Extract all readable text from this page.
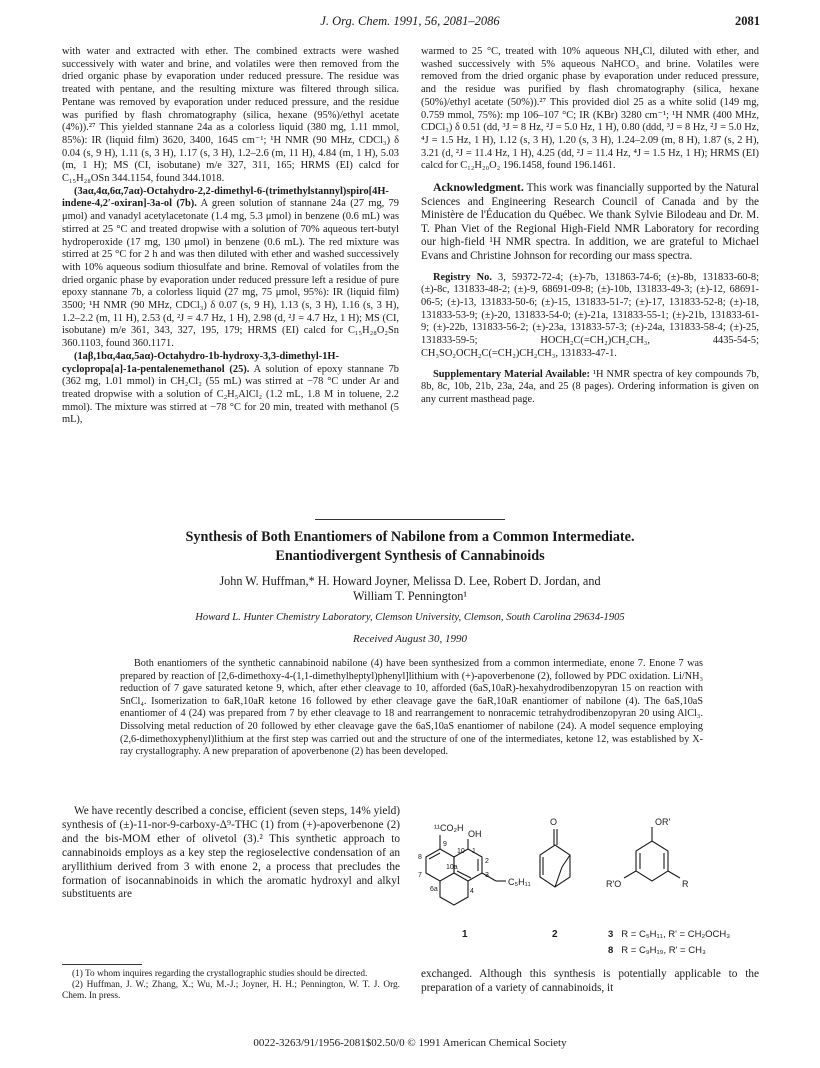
J. Org. Chem. 1991, 56, 2081–2086	2081

with water and extracted with ether. The combined extracts were washed successively with water and brine, and volatiles were then removed from the dried organic phase by evaporation under reduced pressure. The residue was treated with pentane, and the resulting mixture was filtered through silica. Pentane was removed by evaporation under reduced pressure, and the residue was purified by flash chromatography (silica, hexane (95%)/ethyl acetate (4%)).²⁷ This yielded stannane 24a as a colorless liquid (380 mg, 1.11 mmol, 85%): IR (liquid film) 3620, 3400, 1645 cm⁻¹; ¹H NMR (90 MHz, CDCl₃) δ 0.04 (s, 9 H), 1.11 (s, 3 H), 1.17 (s, 3 H), 1.2–2.6 (m, 11 H), 4.84 (m, 1 H), 5.03 (m, 1 H); MS (CI, isobutane) m/e 327, 311, 165; HRMS (EI) calcd for C₁₅H₂₈OSn 344.1154, found 344.1018.

(3aα,4α,6α,7aα)-Octahydro-2,2-dimethyl-6-(trimethylstannyl)spiro[4H-indene-4,2′-oxiran]-3a-ol (7b). A green solution of stannane 24a (27 mg, 79 μmol) and vanadyl acetylacetonate (1.4 mg, 5.3 μmol) in benzene (0.6 mL) was stirred at 25 °C and treated dropwise with a solution of 70% aqueous tert-butyl hydroperoxide (17 mg, 130 μmol) in benzene (0.6 mL). The red mixture was stirred at 25 °C for 2 h and was then diluted with ether and washed successively with 10% aqueous sodium thiosulfate and brine. Removal of volatiles from the dried organic phase by evaporation under reduced pressure left a residue of pure epoxy stannane 7b, a colorless liquid (27 mg, 75 μmol, 95%): IR (liquid film) 3500; ¹H NMR (90 MHz, CDCl₃) δ 0.07 (s, 9 H), 1.13 (s, 3 H), 1.16 (s, 3 H), 1.2–2.2 (m, 11 H), 2.53 (d, ²J = 4.7 Hz, 1 H), 2.98 (d, ²J = 4.7 Hz, 1 H); MS (CI, isobutane) m/e 361, 343, 327, 195, 179; HRMS (EI) calcd for C₁₅H₂₈O₂Sn 360.1103, found 360.1171.

(1aβ,1bα,4aα,5aα)-Octahydro-1b-hydroxy-3,3-dimethyl-1H-cyclopropa[a]-1a-pentalenemethanol (25). A solution of epoxy stannane 7b (362 mg, 1.01 mmol) in CH₂Cl₂ (55 mL) was stirred at −78 °C under Ar and treated dropwise with a solution of C₂H₅AlCl₂ (1.2 mL, 1.8 M in toluene, 2.2 mmol). The mixture was stirred at −78 °C for 20 min, treated with methanol (5 mL),

warmed to 25 °C, treated with 10% aqueous NH₄Cl, diluted with ether, and washed successively with 5% aqueous NaHCO₃ and brine. Volatiles were removed from the dried organic phase by evaporation under reduced pressure, and the residue was purified by flash chromatography (silica, hexane (50%)/ethyl acetate (50%)).²⁷ This provided diol 25 as a white solid (149 mg, 0.759 mmol, 75%): mp 106–107 °C; IR (KBr) 3280 cm⁻¹; ¹H NMR (400 MHz, CDCl₃) δ 0.51 (dd, ³J = 8 Hz, ²J = 5.0 Hz, 1 H), 0.80 (ddd, ³J = 8 Hz, ²J = 5.0 Hz, ⁴J = 1.5 Hz, 1 H), 1.12 (s, 3 H), 1.20 (s, 3 H), 1.24–2.09 (m, 8 H), 1.87 (s, 2 H), 3.21 (d, ²J = 11.4 Hz, 1 H), 4.25 (dd, ²J = 11.4 Hz, ⁴J = 1.5 Hz, 1 H); HRMS (EI) calcd for C₁₂H₂₀O₂ 196.1458, found 196.1461.

Acknowledgment. This work was financially supported by the Natural Sciences and Engineering Research Council of Canada and by the Ministère de l'Éducation du Québec. We thank Sylvie Bilodeau and Dr. M. T. Phan Viet of the Regional High-Field NMR Laboratory for recording our high-field ¹H NMR spectra. In addition, we are grateful to Michael Evans and Christine Johnson for recording our mass spectra.

Registry No. 3, 59372-72-4; (±)-7b, 131863-74-6; (±)-8b, 131833-60-8; (±)-8c, 131833-48-2; (±)-9, 68691-09-8; (±)-10b, 131833-49-3; (±)-12, 68691-06-5; (±)-13, 131833-50-6; (±)-15, 131833-51-7; (±)-17, 131833-52-8; (±)-18, 131833-53-9; (±)-20, 131833-54-0; (±)-21a, 131833-55-1; (±)-21b, 131833-61-9; (±)-22b, 131833-56-2; (±)-23a, 131833-57-3; (±)-24a, 131833-58-4; (±)-25, 131833-59-5; HOCH₂C(=CH₂)CH₂CH₃, 4435-54-5; CH₃SO₂OCH₂C(=CH₂)CH₂CH₃, 131833-47-1.

Supplementary Material Available: ¹H NMR spectra of key compounds 7b, 8b, 8c, 10b, 21b, 23a, 24a, and 25 (8 pages). Ordering information is given on any current masthead page.

Synthesis of Both Enantiomers of Nabilone from a Common Intermediate.
Enantiodivergent Synthesis of Cannabinoids
John W. Huffman,* H. Howard Joyner, Melissa D. Lee, Robert D. Jordan, and
William T. Pennington¹
Howard L. Hunter Chemistry Laboratory, Clemson University, Clemson, South Carolina 29634-1905
Received August 30, 1990
Both enantiomers of the synthetic cannabinoid nabilone (4) have been synthesized from a common intermediate, enone 7. Enone 7 was prepared by reaction of [2,6-dimethoxy-4-(1,1-dimethylheptyl)phenyl]lithium with (+)-apoverbenone (2), followed by PDC oxidation. Li/NH₃ reduction of 7 gave saturated ketone 9, which, after ether cleavage to 10, afforded (6aS,10aR)-hexahydrodibenzopyran 15 on reaction with SnCl₄. Isomerization to 6aR,10aR ketone 16 followed by ether cleavage gave the 6aR,10aR enantiomer of nabilone (4). The 6aS,10aS enantiomer of 4 (24) was prepared from 7 by ether cleavage to 18 and rearrangement to nonracemic tetrahydrodibenzopyran 20 using AlCl₃. Dissolving metal reduction of 20 followed by ether cleavage gave the 6aS,10aS enantiomer of nabilone (24). A model sequence employing (2,6-dimethoxyphenyl)lithium at the first step was carried out and the structure of one of the intermediates, ketone 12, was established by X-ray crystallography. A new preparation of apoverbenone (2) has been developed.
We have recently described a concise, efficient (seven steps, 14% yield) synthesis of (±)-11-nor-9-carboxy-Δ⁹-THC (1) from (+)-apoverbenone (2) and the bis-MOM ether of olivetol (3).² This synthetic approach to cannabinoids employs as a key step the regioselective condensation of an aryllithium derived from 3 with enone 2, a process that precludes the formation of isocannabinoids in which the aromatic hydroxyl and alkyl substituents are
¹¹CO₂H
OH
C₅H₁₁
9
8
10
10a
7
6a
1
2
3
4
1
O
2
OR'
R'O	R
3 R = C₅H₁₁, R' = CH₂OCH₃
8 R = C₉H₁₉, R' = CH₃

(1) To whom inquires regarding the crystallographic studies should be directed.

(2) Huffman, J. W.; Zhang, X.; Wu, M.-J.; Joyner, H. H.; Pennington, W. T. J. Org. Chem. In press.

exchanged. Although this synthesis is potentially applicable to the preparation of a variety of cannabinoids, it
0022-3263/91/1956-2081$02.50/0 © 1991 American Chemical Society
